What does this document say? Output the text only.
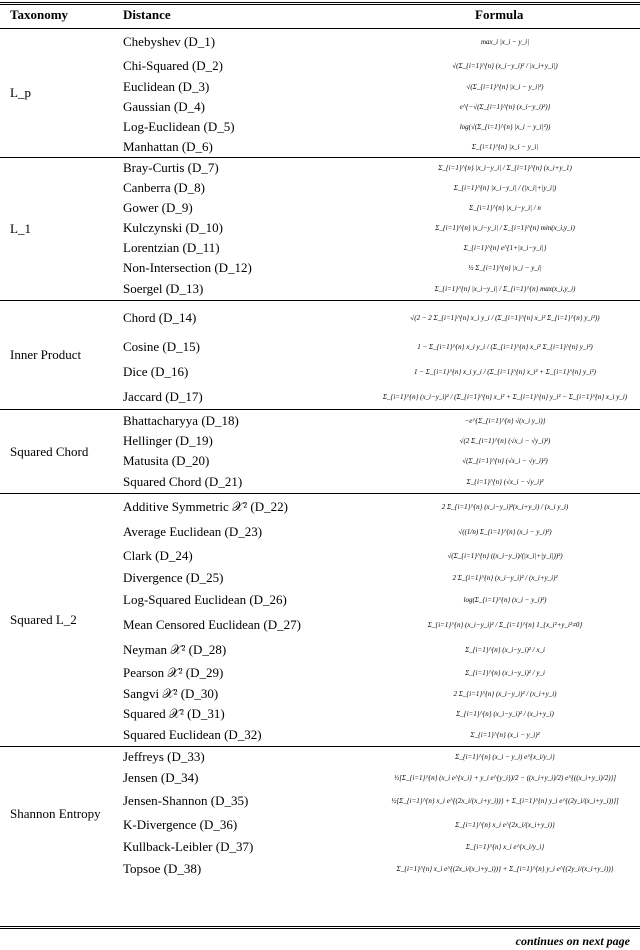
Taxonomy	Distance	Formula
L_p
Chebyshev (D_1)	max_i |x_i − y_i|
Chi-Squared (D_2)	√(Σ_{i=1}^{n} (x_i−y_i)² / |x_i+y_i|)
Euclidean (D_3)	√(Σ_{i=1}^{n} |x_i − y_i|²)
Gaussian (D_4)	e^{−√(Σ_{i=1}^{n} (x_i−y_i)²)}
Log-Euclidean (D_5)	log(√(Σ_{i=1}^{n} |x_i − y_i|²))
Manhattan (D_6)	Σ_{i=1}^{n} |x_i − y_i|
L_1
Bray-Curtis (D_7)	Σ_{i=1}^{n} |x_i−y_i| / Σ_{i=1}^{n} (x_i+y_1)
Canberra (D_8)	Σ_{i=1}^{n} |x_i−y_i| / (|x_i|+|y_i|)
Gower (D_9)	Σ_{i=1}^{n} |x_i−y_i| / n
Kulczynski (D_10)	Σ_{i=1}^{n} |x_i−y_i| / Σ_{i=1}^{n} min(x_i,y_i)
Lorentzian (D_11)	Σ_{i=1}^{n} e^{1+|x_i−y_i|}
Non-Intersection (D_12)	½ Σ_{i=1}^{n} |x_i − y_i|
Soergel (D_13)	Σ_{i=1}^{n} |x_i−y_i| / Σ_{i=1}^{n} max(x_i,y_i)
Inner Product
Chord (D_14)	√(2 − 2 Σ_{i=1}^{n} x_i y_i / (Σ_{i=1}^{n} x_i² Σ_{i=1}^{n} y_i²))
Cosine (D_15)	1 − Σ_{i=1}^{n} x_i y_i / (Σ_{i=1}^{n} x_i² Σ_{i=1}^{n} y_i²)
Dice (D_16)	1 − Σ_{i=1}^{n} x_i y_i / (Σ_{i=1}^{n} x_i² + Σ_{i=1}^{n} y_i²)
Jaccard (D_17)	Σ_{i=1}^{n} (x_i−y_i)² / (Σ_{i=1}^{n} x_i² + Σ_{i=1}^{n} y_i² − Σ_{i=1}^{n} x_i y_i)
Squared Chord
Bhattacharyya (D_18)	−e^{Σ_{i=1}^{n} √(x_i y_i)}
Hellinger (D_19)	√(2 Σ_{i=1}^{n} (√x_i − √y_i)²)
Matusita (D_20)	√(Σ_{i=1}^{n} (√x_i − √y_i)²)
Squared Chord (D_21)	Σ_{i=1}^{n} (√x_i − √y_i)²
Squared L_2
Additive Symmetric 𝒳² (D_22)	2 Σ_{i=1}^{n} (x_i−y_i)²(x_i+y_i) / (x_i y_i)
Average Euclidean (D_23)	√((1/n) Σ_{i=1}^{n} (x_i − y_i)²)
Clark (D_24)	√(Σ_{i=1}^{n} ((x_i−y_i)/(|x_i|+|y_i|))²)
Divergence (D_25)	2 Σ_{i=1}^{n} (x_i−y_i)² / (x_i+y_i)²
Log-Squared Euclidean (D_26)	log(Σ_{i=1}^{n} (x_i − y_i)²)
Mean Censored Euclidean (D_27)	Σ_{i=1}^{n} (x_i−y_i)² / Σ_{i=1}^{n} 1_{x_i²+y_i²≠0}
Neyman 𝒳² (D_28)	Σ_{i=1}^{n} (x_i−y_i)² / x_i
Pearson 𝒳² (D_29)	Σ_{i=1}^{n} (x_i−y_i)² / y_i
Sangvi 𝒳² (D_30)	2 Σ_{i=1}^{n} (x_i−y_i)² / (x_i+y_i)
Squared 𝒳² (D_31)	Σ_{i=1}^{n} (x_i−y_i)² / (x_i+y_i)
Squared Euclidean (D_32)	Σ_{i=1}^{n} (x_i − y_i)²
Shannon Entropy
Jeffreys (D_33)	Σ_{i=1}^{n} (x_i − y_i) e^{x_i/y_i}
Jensen (D_34)	½[Σ_{i=1}^{n} (x_i e^{x_i} + y_i e^{y_i})/2 − ((x_i+y_i)/2) e^{((x_i+y_i)/2)}]
Jensen-Shannon (D_35)	½[Σ_{i=1}^{n} x_i e^{(2x_i/(x_i+y_i))} + Σ_{i=1}^{n} y_i e^{(2y_i/(x_i+y_i))}]
K-Divergence (D_36)	Σ_{i=1}^{n} x_i e^{2x_i/(x_i+y_i)}
Kullback-Leibler (D_37)	Σ_{i=1}^{n} x_i e^{x_i/y_i}
Topsoe (D_38)	Σ_{i=1}^{n} x_i e^{(2x_i/(x_i+y_i))} + Σ_{i=1}^{n} y_i e^{(2y_i/(x_i+y_i))}
continues on next page
